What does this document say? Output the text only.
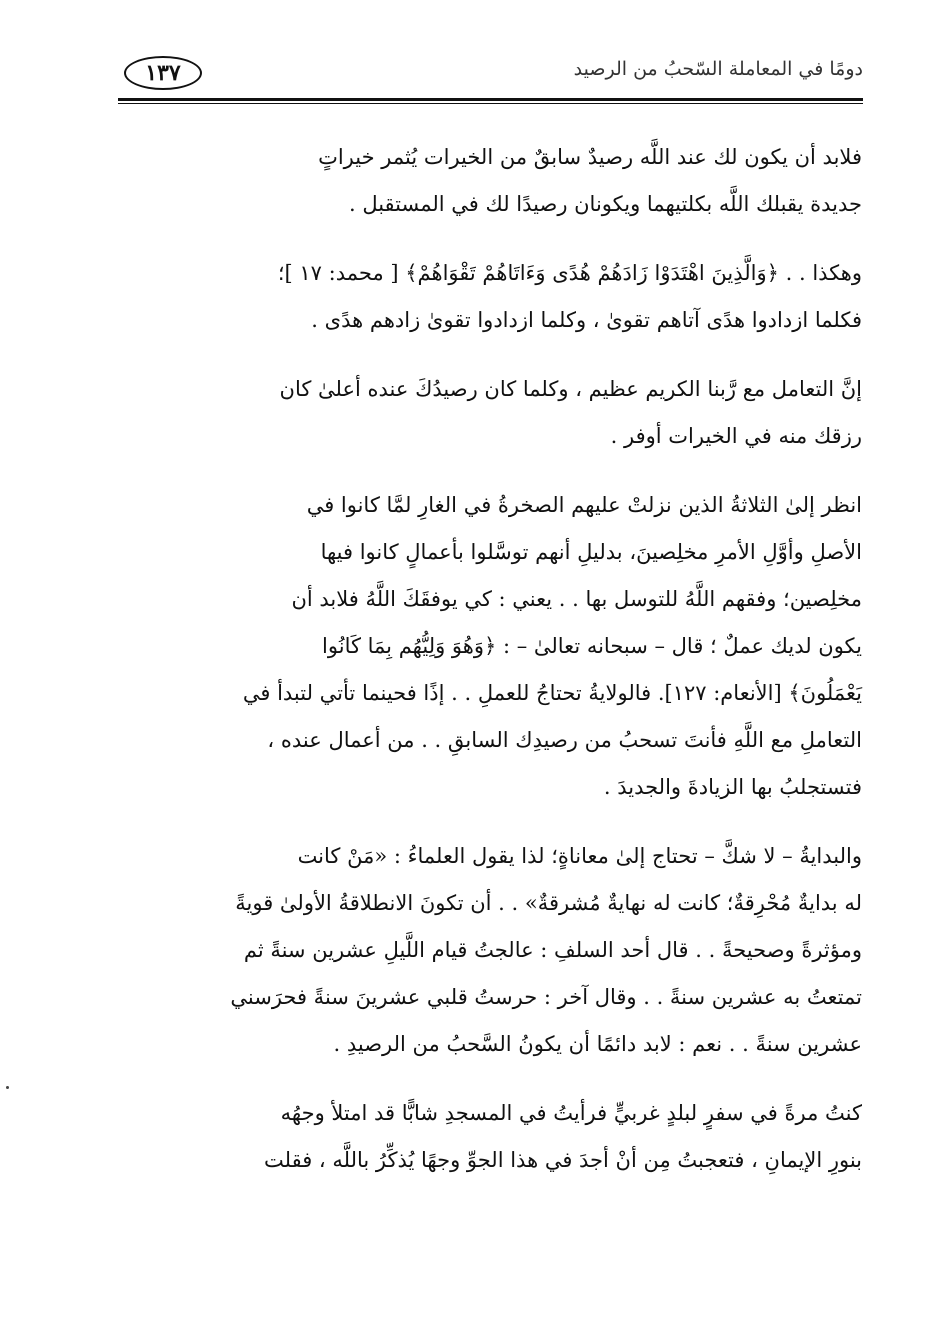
١٣٧	دومًا في المعاملة السّحبُ من الرصيد

فلابد أن يكون لك عند اللَّه رصيدٌ سابقٌ من الخيرات يُثمر خيراتٍ
جديدة يقبلك اللَّه بكلتيهما ويكونان رصيدًا لك في المستقبل .

وهكذا . . ﴿وَالَّذِينَ اهْتَدَوْا زَادَهُمْ هُدًى وَءَاتَاهُمْ تَقْوَاهُمْ﴾ [ محمد: ١٧ ]؛
فكلما ازدادوا هدًى آتاهم تقوىٰ ، وكلما ازدادوا تقوىٰ زادهم هدًى .

إنَّ التعامل مع رَّبنا الكريم عظيم ، وكلما كان رصيدُكَ عنده أعلىٰ كان
رزقك منه في الخيرات أوفر .

انظر إلىٰ الثلاثةُ الذين نزلتْ عليهم الصخرةُ في الغارِ لمَّا كانوا في
الأصلِ وأوَّلِ الأمرِ مخلِصينَ، بدليلِ أنهم توسَّلوا بأعمالٍ كانوا فيها
مخلِصين؛ وفقهم اللَّهُ للتوسل بها . . يعني : كي يوفقَكَ اللَّهُ فلابد أن
يكون لديك عملٌ ؛ قال – سبحانه تعالىٰ – : ﴿وَهُوَ وَلِيُّهُم بِمَا كَانُوا
يَعْمَلُونَ﴾ [الأنعام: ١٢٧]. فالولايةُ تحتاجُ للعملِ . . إذًا فحينما تأتي لتبدأ في
التعاملِ مع اللَّهِ فأنتَ تسحبُ من رصيدِك السابقِ . . من أعمال عنده ،
فتستجلبُ بها الزيادةَ والجديدَ .

والبدايةُ – لا شكَّ – تحتاج إلىٰ معاناةٍ؛ لذا يقول العلماءُ : «مَنْ كانت
له بدايةٌ مُحْرِقةٌ؛ كانت له نهايةٌ مُشرقةٌ» . . أن تكونَ الانطلاقةُ الأولىٰ قويةً
ومؤثرةً وصحيحةً . . قال أحد السلفِ : عالجتُ قيام اللَّيلِ عشرين سنةً ثم
تمتعتُ به عشرين سنةً . . وقال آخر : حرستُ قلبي عشرينَ سنةً فحرَسني
عشرين سنةً . . نعم : لابد دائمًا أن يكونُ السَّحبُ من الرصيدِ .

كنتُ مرةً في سفرٍ لبلدٍ غربيٍّ فرأيتُ في المسجدِ شابًّا قد امتلأ وجهُه
بنورِ الإيمانِ ، فتعجبتُ مِن أنْ أجدَ في هذا الجوِّ وجهًا يُذكِّرُ باللَّه ، فقلت
